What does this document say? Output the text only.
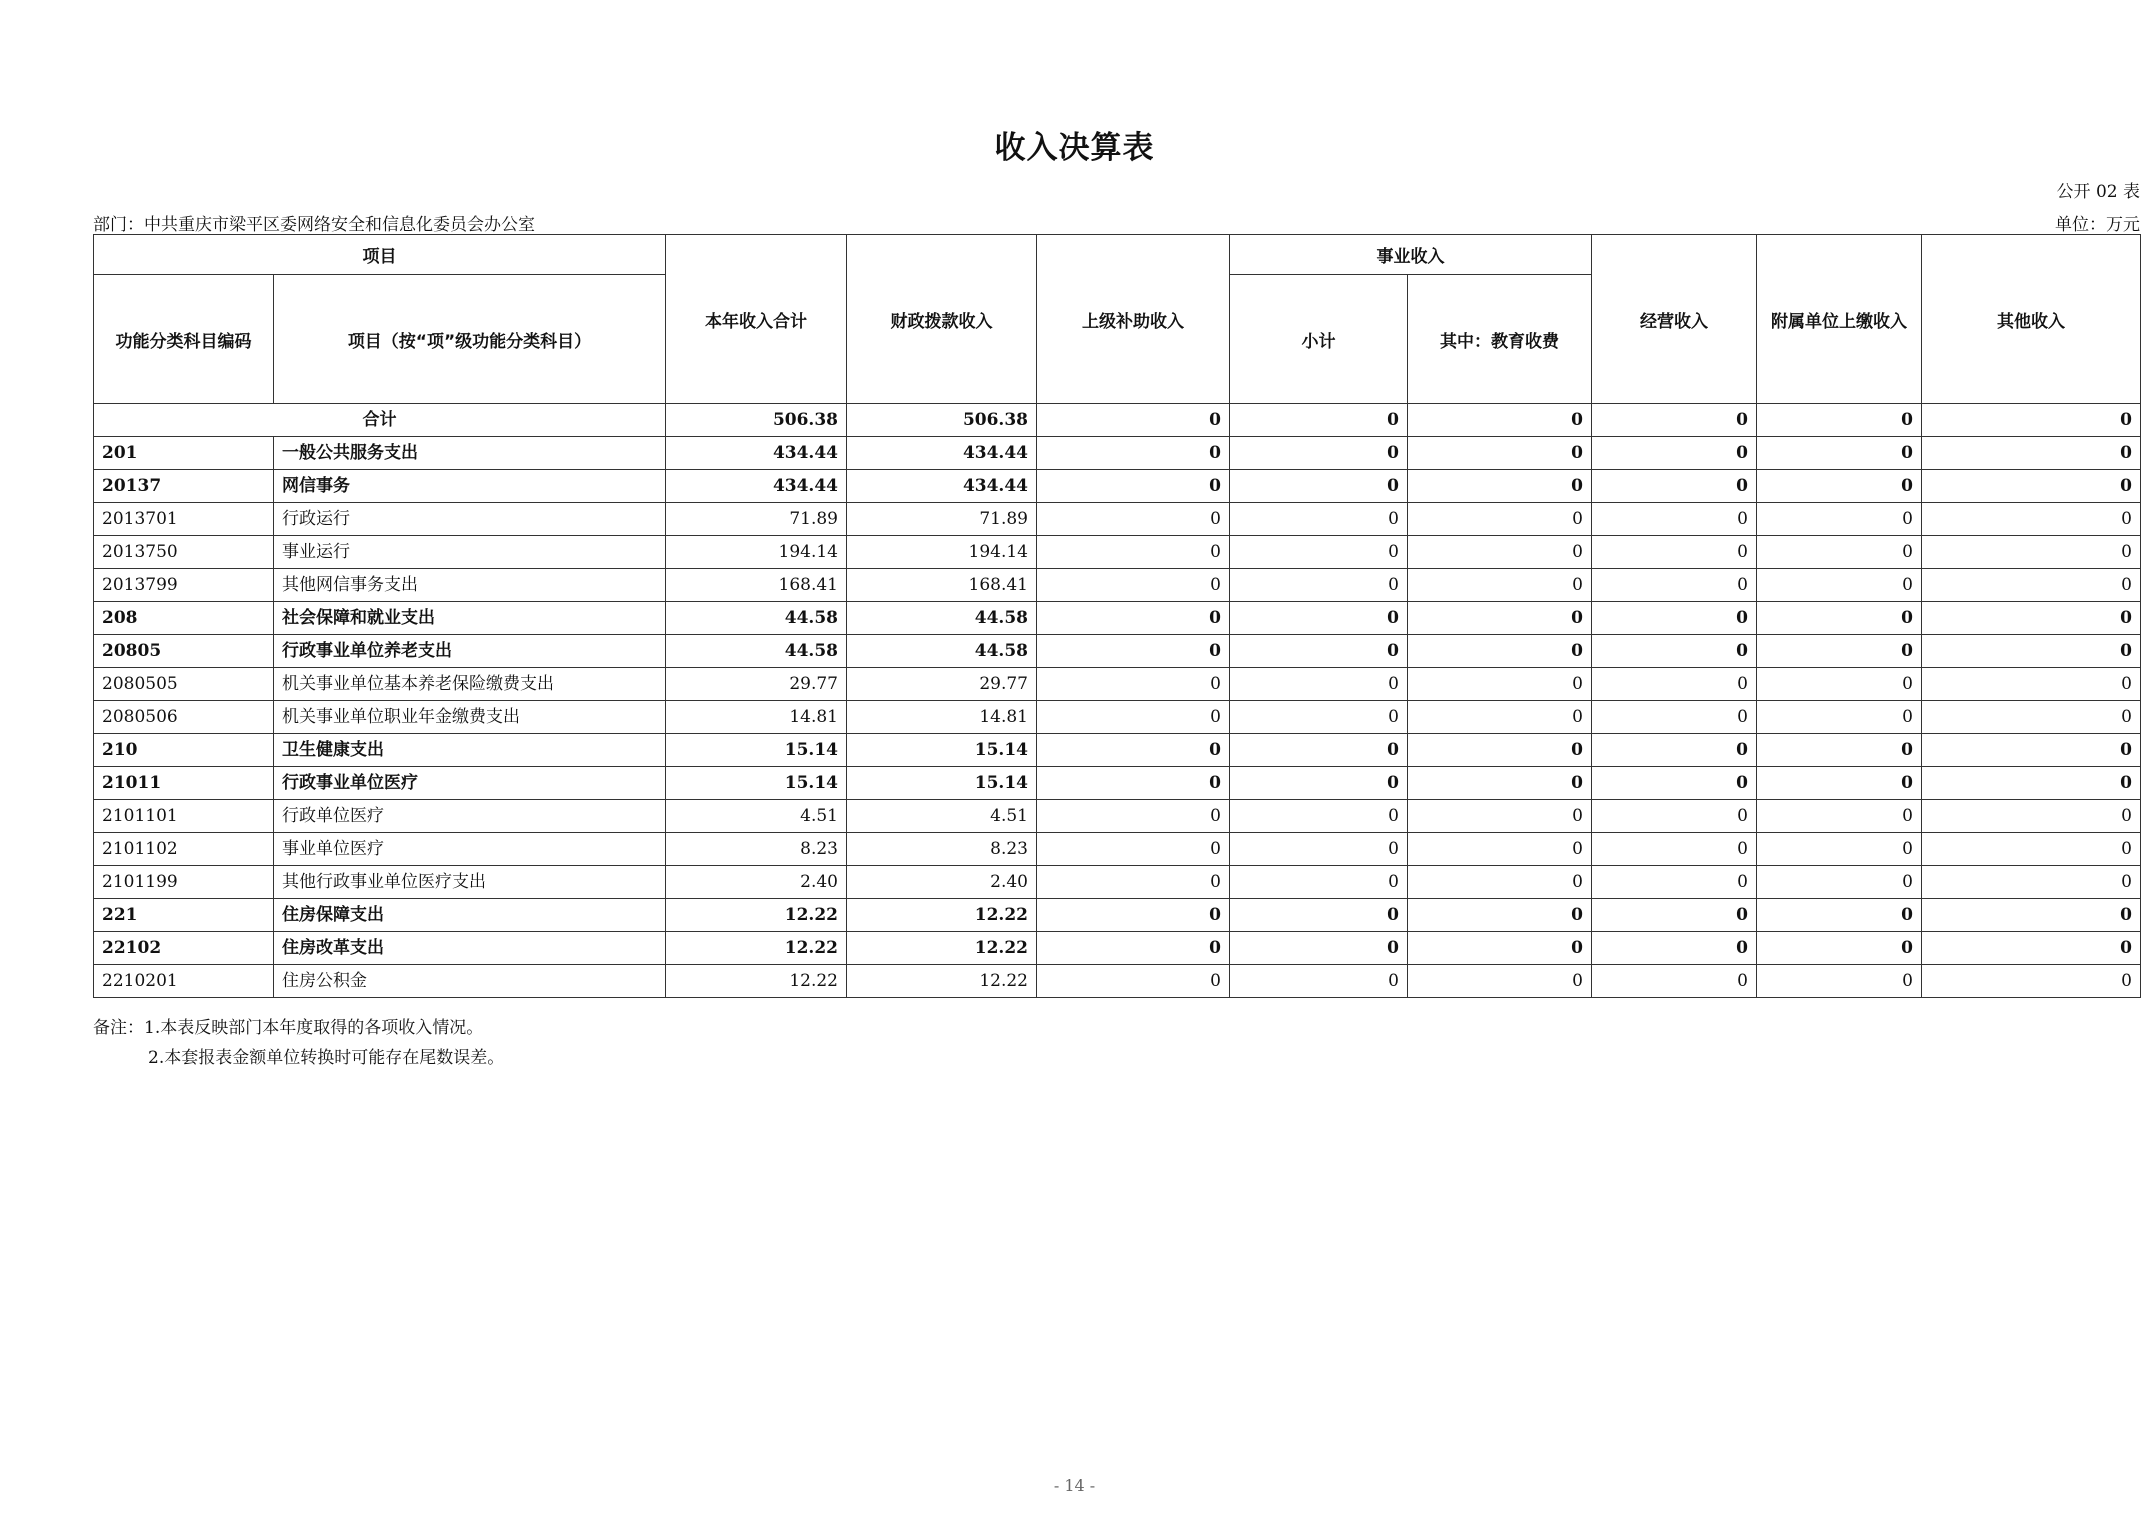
收入决算表
公开 02 表
部门：中共重庆市梁平区委网络安全和信息化委员会办公室	单位：万元
项目		本年收入合计	财政拨款收入	上级补助收入	事业收入		经营收入	附属单位上缴收入	其他收入
功能分类科目编码	项目（按“项”级功能分类科目）				小计	其中：教育收费			
合计		506.38	506.38	0	0	0	0	0	0
201	一般公共服务支出	434.44	434.44	0	0	0	0	0	0
20137	网信事务	434.44	434.44	0	0	0	0	0	0
2013701	行政运行	71.89	71.89	0	0	0	0	0	0
2013750	事业运行	194.14	194.14	0	0	0	0	0	0
2013799	其他网信事务支出	168.41	168.41	0	0	0	0	0	0
208	社会保障和就业支出	44.58	44.58	0	0	0	0	0	0
20805	行政事业单位养老支出	44.58	44.58	0	0	0	0	0	0
2080505	机关事业单位基本养老保险缴费支出	29.77	29.77	0	0	0	0	0	0
2080506	机关事业单位职业年金缴费支出	14.81	14.81	0	0	0	0	0	0
210	卫生健康支出	15.14	15.14	0	0	0	0	0	0
21011	行政事业单位医疗	15.14	15.14	0	0	0	0	0	0
2101101	行政单位医疗	4.51	4.51	0	0	0	0	0	0
2101102	事业单位医疗	8.23	8.23	0	0	0	0	0	0
2101199	其他行政事业单位医疗支出	2.40	2.40	0	0	0	0	0	0
221	住房保障支出	12.22	12.22	0	0	0	0	0	0
22102	住房改革支出	12.22	12.22	0	0	0	0	0	0
2210201	住房公积金	12.22	12.22	0	0	0	0	0	0
备注：1.本表反映部门本年度取得的各项收入情况。
2.本套报表金额单位转换时可能存在尾数误差。
- 14 -
